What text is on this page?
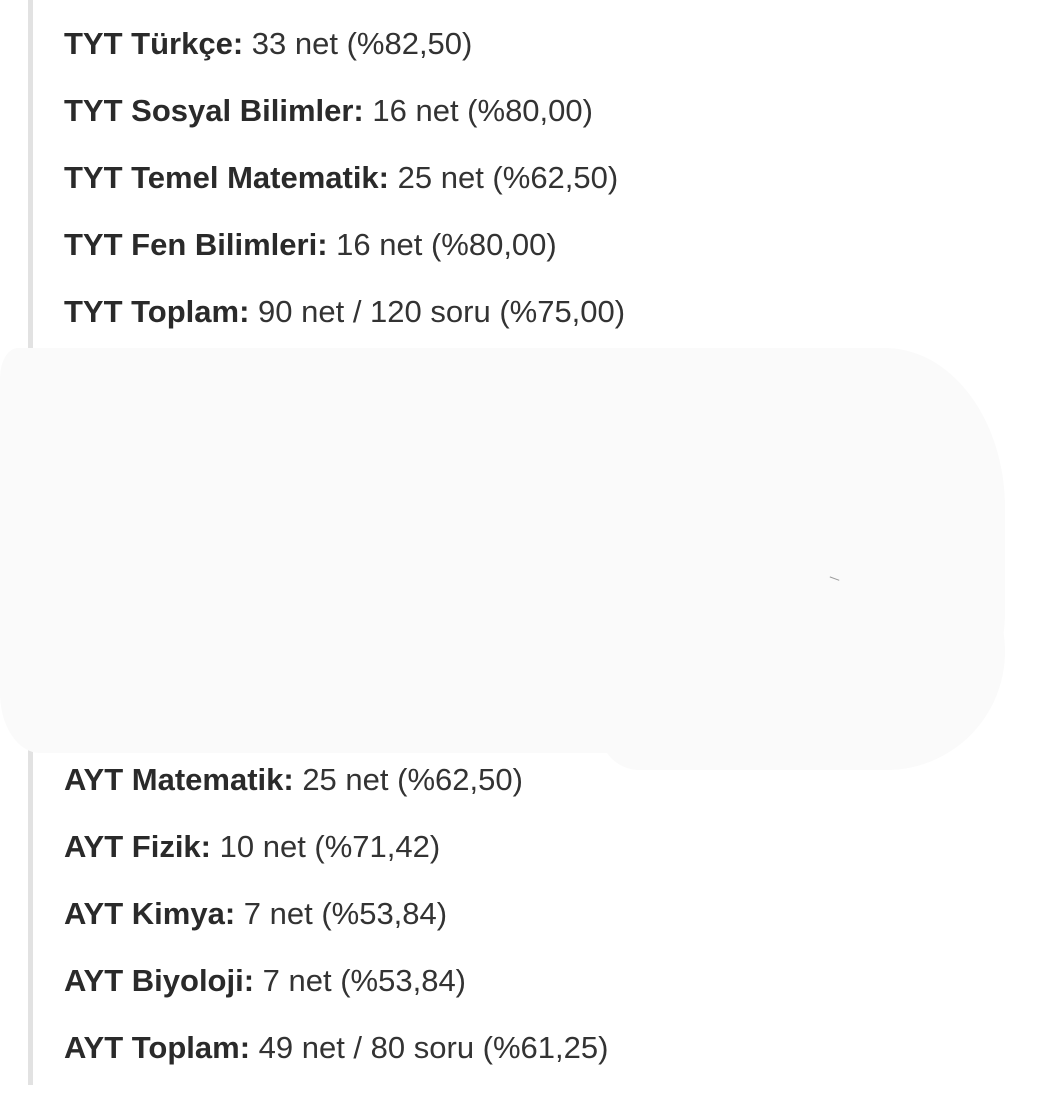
TYT Türkçe: 33 net (%82,50)
TYT Sosyal Bilimler: 16 net (%80,00)
TYT Temel Matematik: 25 net (%62,50)
TYT Fen Bilimleri: 16 net (%80,00)
TYT Toplam: 90 net / 120 soru (%75,00)
AYT Matematik: 25 net (%62,50)
AYT Fizik: 10 net (%71,42)
AYT Kimya: 7 net (%53,84)
AYT Biyoloji: 7 net (%53,84)
AYT Toplam: 49 net / 80 soru (%61,25)
